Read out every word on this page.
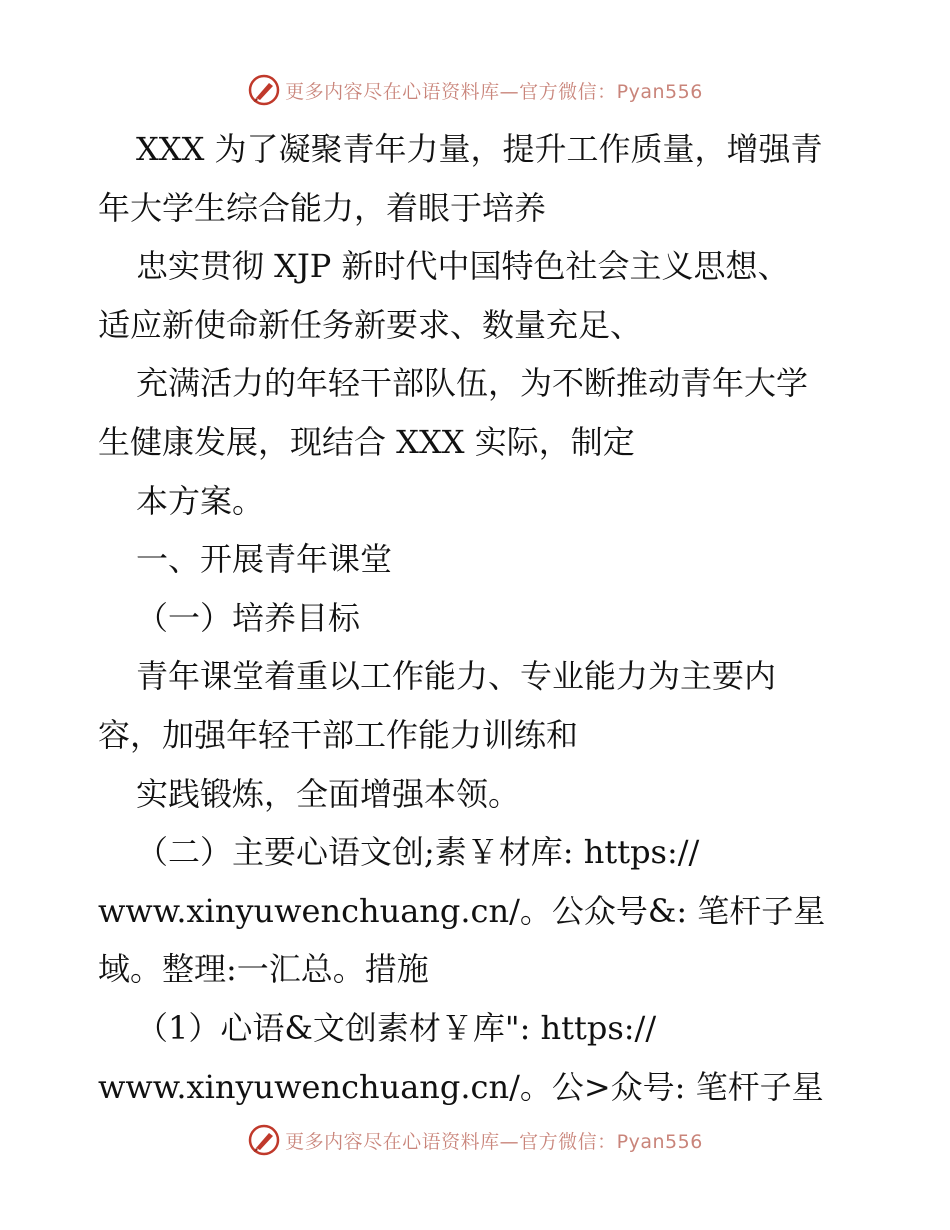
更多内容尽在心语资料库—官方微信：Pyan556
XXX 为了凝聚青年力量，提升工作质量，增强青
年大学生综合能力，着眼于培养
忠实贯彻 XJP 新时代中国特色社会主义思想、
适应新使命新任务新要求、数量充足、
充满活力的年轻干部队伍，为不断推动青年大学
生健康发展，现结合 XXX 实际，制定
本方案。
一、开展青年课堂
（一）培养目标
青年课堂着重以工作能力、专业能力为主要内
容，加强年轻干部工作能力训练和
实践锻炼，全面增强本领。
（二）主要心语文创;素￥材库: https://
www.xinyuwenchuang.cn/。公众号&: 笔杆子星
域。整理:一汇总。措施
（1）心语&文创素材￥库": https://
www.xinyuwenchuang.cn/。公>众号: 笔杆子星
更多内容尽在心语资料库—官方微信：Pyan556
